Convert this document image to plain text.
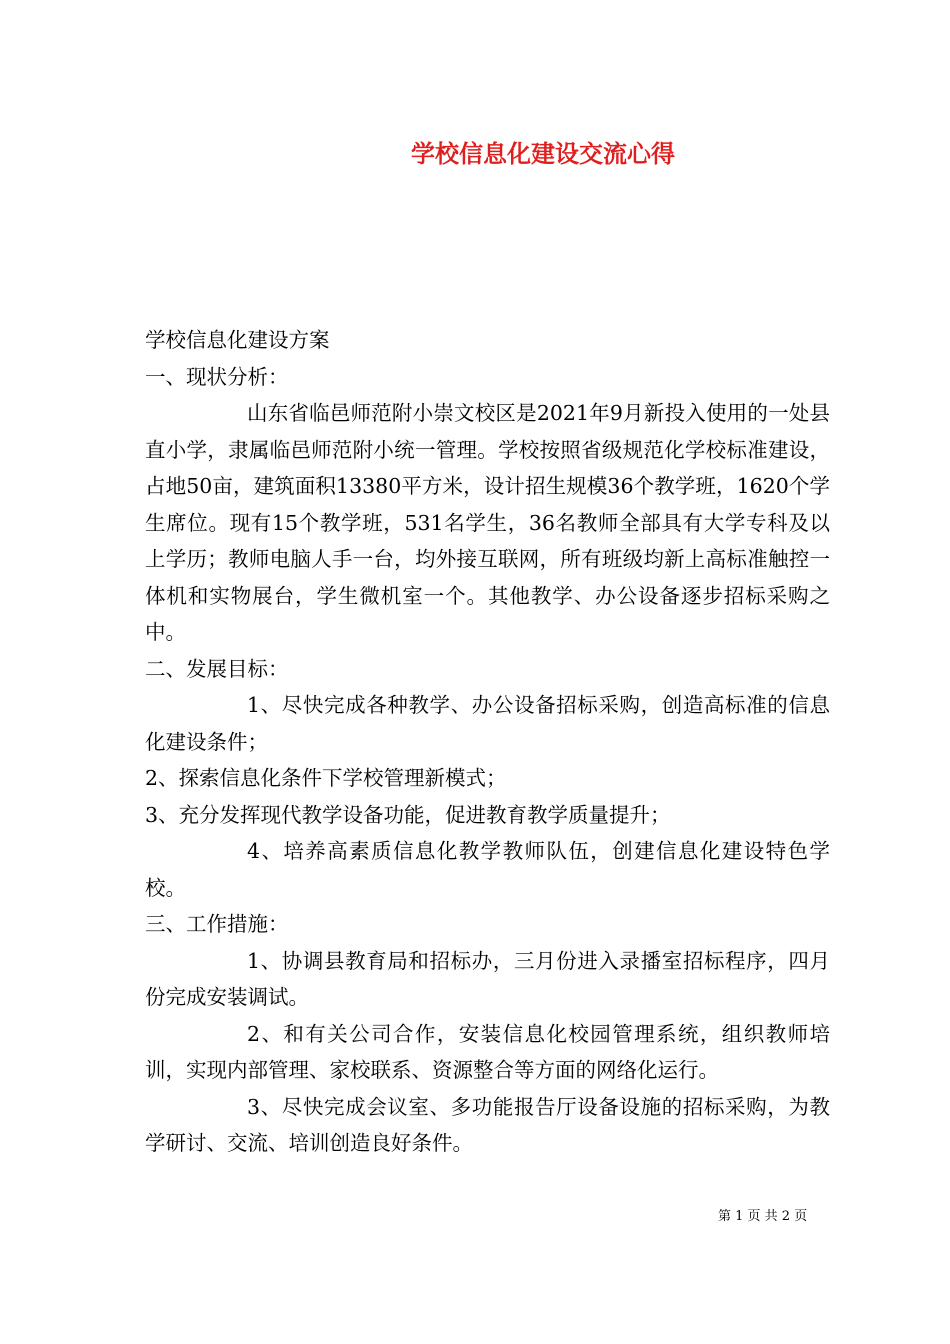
学校信息化建设交流心得

学校信息化建设方案

一、现状分析：

山东省临邑师范附小崇文校区是2021年9月新投入使用的一处县直小学，隶属临邑师范附小统一管理。学校按照省级规范化学校标准建设，占地50亩，建筑面积13380平方米，设计招生规模36个教学班，1620个学生席位。现有15个教学班，531名学生，36名教师全部具有大学专科及以上学历；教师电脑人手一台，均外接互联网，所有班级均新上高标准触控一体机和实物展台，学生微机室一个。其他教学、办公设备逐步招标采购之中。

二、发展目标：

1、尽快完成各种教学、办公设备招标采购，创造高标准的信息化建设条件；

2、探索信息化条件下学校管理新模式；

3、充分发挥现代教学设备功能，促进教育教学质量提升；

4、培养高素质信息化教学教师队伍，创建信息化建设特色学校。

三、工作措施：

1、协调县教育局和招标办，三月份进入录播室招标程序，四月份完成安装调试。

2、和有关公司合作，安装信息化校园管理系统，组织教师培训，实现内部管理、家校联系、资源整合等方面的网络化运行。

3、尽快完成会议室、多功能报告厅设备设施的招标采购，为教学研讨、交流、培训创造良好条件。

第 1 页 共 2 页
